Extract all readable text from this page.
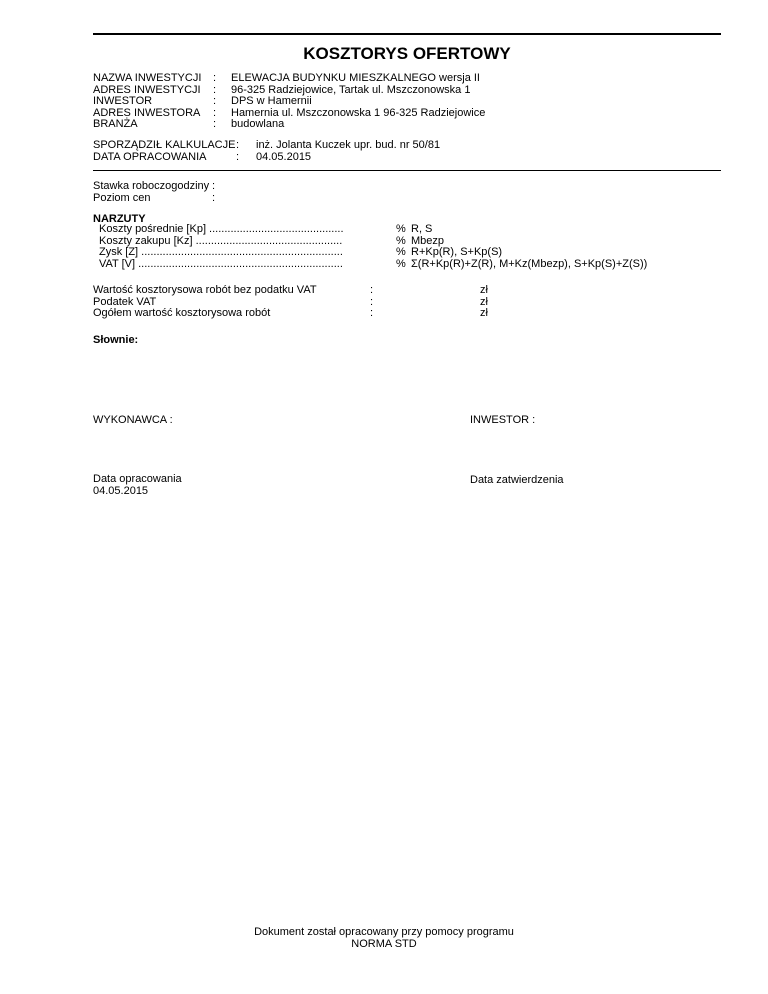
KOSZTORYS OFERTOWY
NAZWA INWESTYCJI
ADRES INWESTYCJI
INWESTOR
ADRES INWESTORA
BRANŻA
:
:
:
:
:
ELEWACJA BUDYNKU MIESZKALNEGO wersja II
96-325 Radziejowice, Tartak ul. Mszczonowska 1
DPS w Hamernii
Hamernia ul. Mszczonowska 1 96-325 Radziejowice
budowlana
SPORZĄDZIŁ KALKULACJE
DATA OPRACOWANIA
:
:
inż. Jolanta Kuczek upr. bud. nr 50/81
04.05.2015
Stawka roboczogodziny
Poziom cen
:
:
NARZUTY
Koszty pośrednie [Kp] ............................................
Koszty zakupu [Kz] ................................................
Zysk [Z] ..................................................................
VAT [V] ...................................................................
%
%
%
%
R, S
Mbezp
R+Kp(R), S+Kp(S)
Σ(R+Kp(R)+Z(R), M+Kz(Mbezp), S+Kp(S)+Z(S))
Wartość kosztorysowa robót bez podatku VAT
Podatek VAT
Ogółem wartość kosztorysowa robót
:
:
:
zł
zł
zł
Słownie:
WYKONAWCA :	INWESTOR :
Data opracowania
04.05.2015
Data zatwierdzenia
Dokument został opracowany przy pomocy programu
NORMA STD
